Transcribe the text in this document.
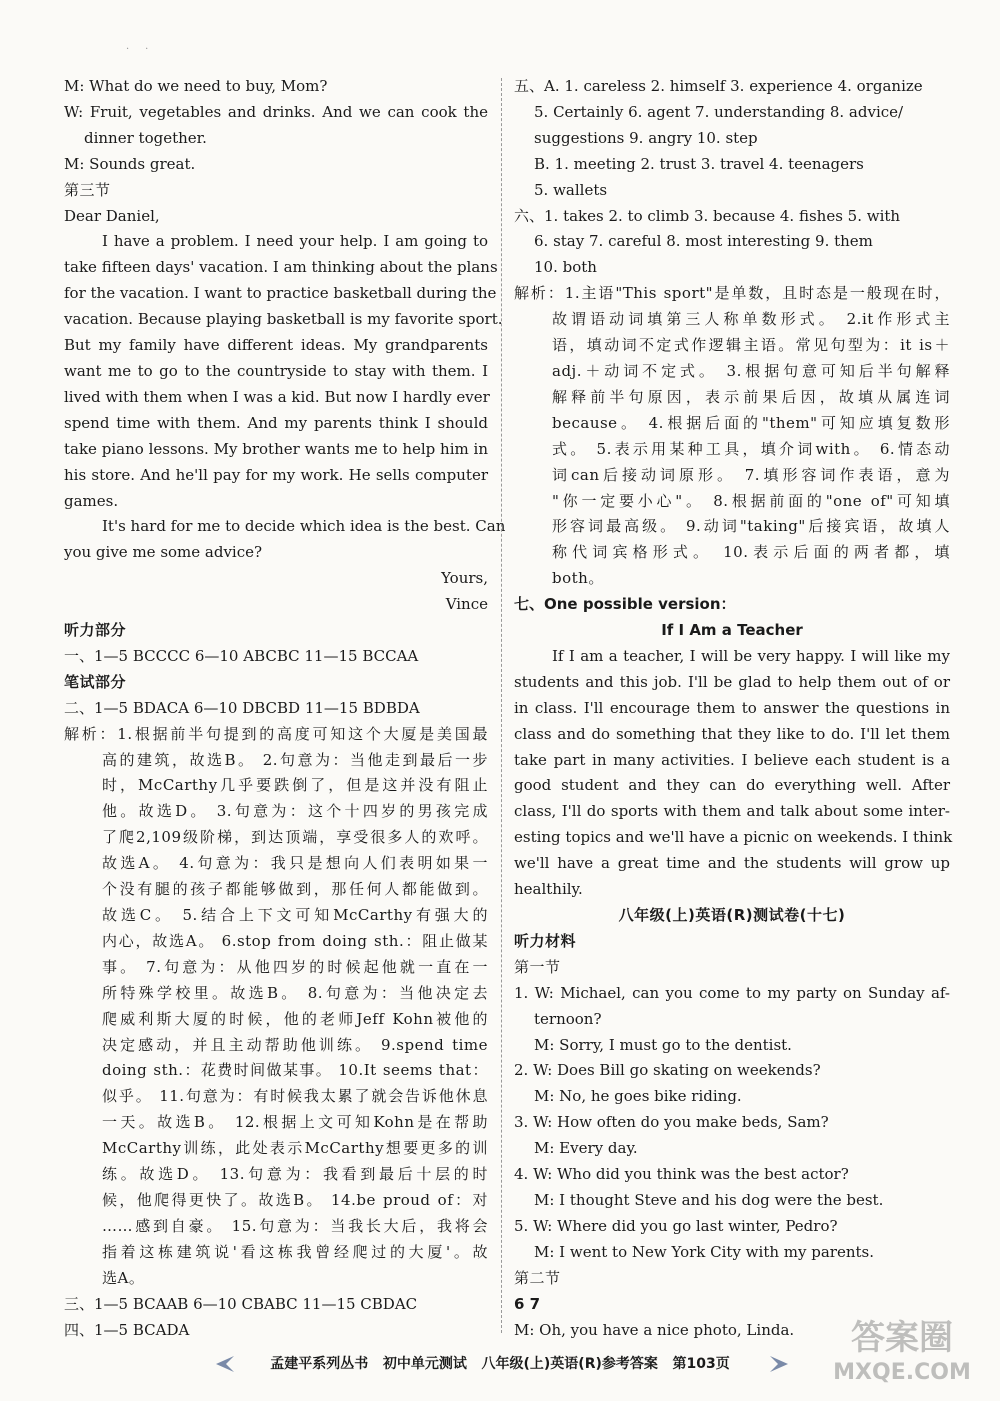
·     ·
M: What do we need to buy, Mom?
W: Fruit, vegetables and drinks. And we can cook the
dinner together.
M: Sounds great.
第三节
Dear Daniel,
I have a problem. I need your help. I am going to
take fifteen days' vacation. I am thinking about the plans
for the vacation. I want to practice basketball during the
vacation. Because playing basketball is my favorite sport.
But my family have different ideas. My grandparents
want me to go to the countryside to stay with them. I
lived with them when I was a kid. But now I hardly ever
spend time with them. And my parents think I should
take piano lessons. My brother wants me to help him in
his store. And he'll pay for my work. He sells computer
games.
It's hard for me to decide which idea is the best. Can
you give me some advice?
Yours,
Vince
听力部分
一、1—5 BCCCC 6—10 ABCBC 11—15 BCCAA
笔试部分
二、1—5 BDACA 6—10 DBCBD 11—15 BDBDA
解析：1.根据前半句提到的高度可知这个大厦是美国最
高的建筑，故选B。 2.句意为：当他走到最后一步
时，McCarthy几乎要跌倒了，但是这并没有阻止
他。故选D。 3.句意为：这个十四岁的男孩完成
了爬2,109级阶梯，到达顶端，享受很多人的欢呼。
故选A。 4.句意为：我只是想向人们表明如果一
个没有腿的孩子都能够做到，那任何人都能做到。
故选C。 5.结合上下文可知McCarthy有强大的
内心，故选A。 6.stop from doing sth.：阻止做某
事。 7.句意为：从他四岁的时候起他就一直在一
所特殊学校里。故选B。 8.句意为：当他决定去
爬威利斯大厦的时候，他的老师Jeff Kohn被他的
决定感动，并且主动帮助他训练。 9.spend time
doing sth.：花费时间做某事。 10.It seems that：
似乎。 11.句意为：有时候我太累了就会告诉他休息
一天。故选B。 12.根据上文可知Kohn是在帮助
McCarthy训练，此处表示McCarthy想要更多的训
练。故选D。 13.句意为：我看到最后十层的时
候，他爬得更快了。故选B。 14.be proud of：对
……感到自豪。 15.句意为：当我长大后，我将会
指着这栋建筑说'看这栋我曾经爬过的大厦'。故
选A。
三、1—5 BCAAB 6—10 CBABC 11—15 CBDAC
四、1—5 BCADA
五、A. 1. careless 2. himself 3. experience 4. organize
5. Certainly 6. agent 7. understanding 8. advice/
suggestions 9. angry 10. step
B. 1. meeting 2. trust 3. travel 4. teenagers
5. wallets
六、1. takes 2. to climb 3. because 4. fishes 5. with
6. stay 7. careful 8. most interesting 9. them
10. both
解析：1.主语"This sport"是单数，且时态是一般现在时，
故谓语动词填第三人称单数形式。 2.it作形式主
语，填动词不定式作逻辑主语。常见句型为：it is＋
adj.＋动词不定式。 3.根据句意可知后半句解释
解释前半句原因，表示前果后因，故填从属连词
because。 4.根据后面的"them"可知应填复数形
式。 5.表示用某种工具，填介词with。 6.情态动
词can后接动词原形。 7.填形容词作表语，意为
"你一定要小心"。 8.根据前面的"one of"可知填
形容词最高级。 9.动词"taking"后接宾语，故填人
称代词宾格形式。 10.表示后面的两者都，填
both。
七、One possible version：
If I Am a Teacher
If I am a teacher, I will be very happy. I will like my
students and this job. I'll be glad to help them out of or
in class. I'll encourage them to answer the questions in
class and do something that they like to do. I'll let them
take part in many activities. I believe each student is a
good student and they can do everything well. After
class, I'll do sports with them and talk about some inter-
esting topics and we'll have a picnic on weekends. I think
we'll have a great time and the students will grow up
healthily.
八年级(上)英语(R)测试卷(十七)
听力材料
第一节
1. W: Michael, can you come to my party on Sunday af-
ternoon?
M: Sorry, I must go to the dentist.
2. W: Does Bill go skating on weekends?
M: No, he goes bike riding.
3. W: How often do you make beds, Sam?
M: Every day.
4. W: Who did you think was the best actor?
M: I thought Steve and his dog were the best.
5. W: Where did you go last winter, Pedro?
M: I went to New York City with my parents.
第二节
6 7
M: Oh, you have a nice photo, Linda.
孟建平系列丛书 初中单元测试 八年级(上)英语(R)参考答案 第103页
答案圈
MXQE.COM
